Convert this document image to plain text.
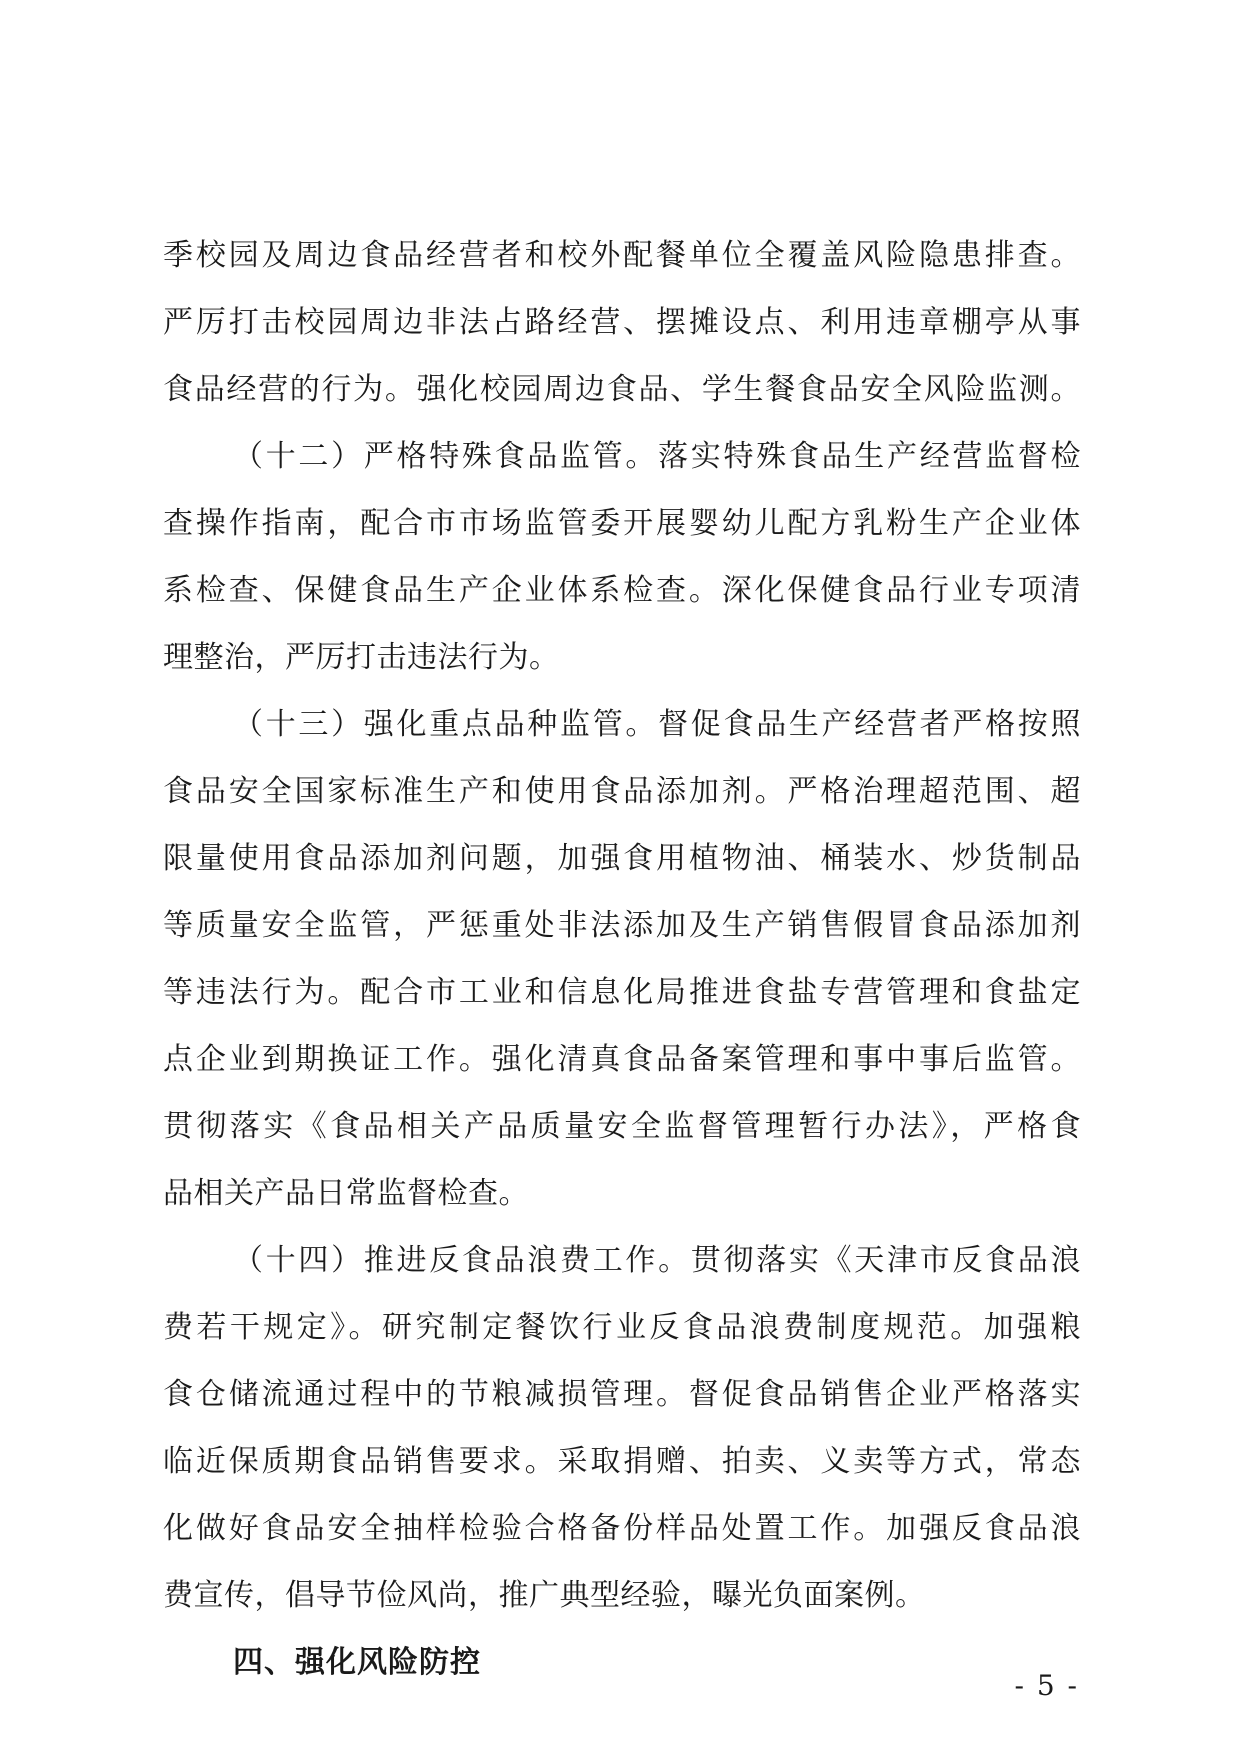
季校园及周边食品经营者和校外配餐单位全覆盖风险隐患排查。
严厉打击校园周边非法占路经营、摆摊设点、利用违章棚亭从事
食品经营的行为。强化校园周边食品、学生餐食品安全风险监测。
（十二）严格特殊食品监管。落实特殊食品生产经营监督检
查操作指南，配合市市场监管委开展婴幼儿配方乳粉生产企业体
系检查、保健食品生产企业体系检查。深化保健食品行业专项清
理整治，严厉打击违法行为。
（十三）强化重点品种监管。督促食品生产经营者严格按照
食品安全国家标准生产和使用食品添加剂。严格治理超范围、超
限量使用食品添加剂问题，加强食用植物油、桶装水、炒货制品
等质量安全监管，严惩重处非法添加及生产销售假冒食品添加剂
等违法行为。配合市工业和信息化局推进食盐专营管理和食盐定
点企业到期换证工作。强化清真食品备案管理和事中事后监管。
贯彻落实《食品相关产品质量安全监督管理暂行办法》，严格食
品相关产品日常监督检查。
（十四）推进反食品浪费工作。贯彻落实《天津市反食品浪
费若干规定》。研究制定餐饮行业反食品浪费制度规范。加强粮
食仓储流通过程中的节粮减损管理。督促食品销售企业严格落实
临近保质期食品销售要求。采取捐赠、拍卖、义卖等方式，常态
化做好食品安全抽样检验合格备份样品处置工作。加强反食品浪
费宣传，倡导节俭风尚，推广典型经验，曝光负面案例。
四、强化风险防控
- 5 -
